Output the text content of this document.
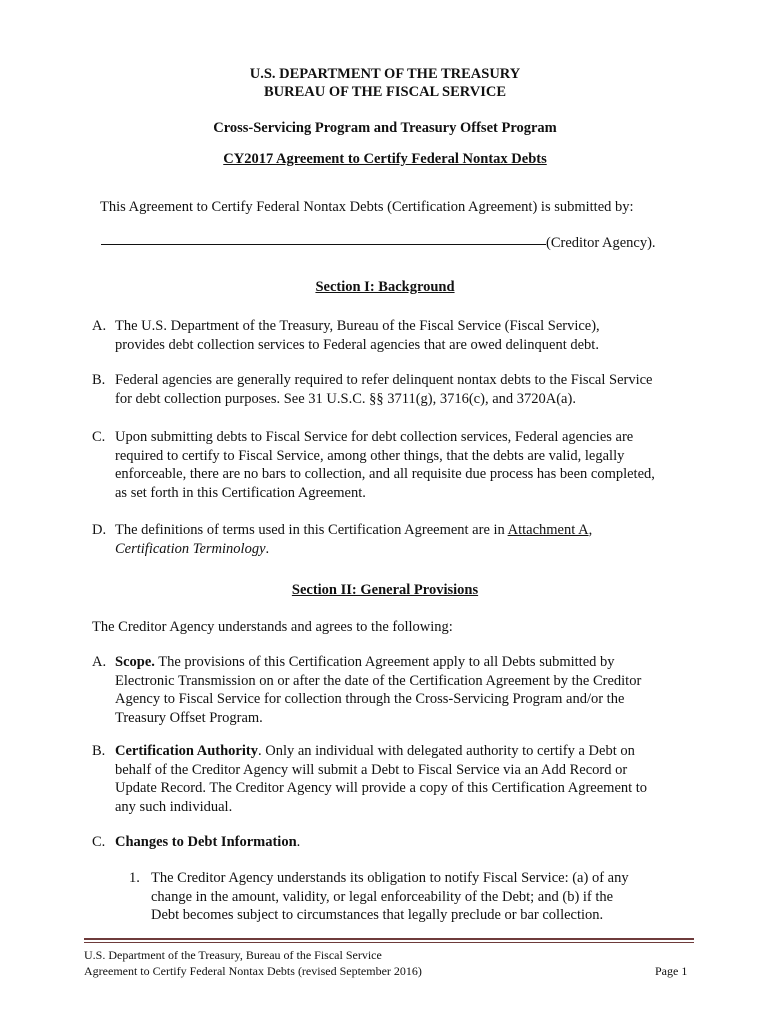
U.S. DEPARTMENT OF THE TREASURY
BUREAU OF THE FISCAL SERVICE
Cross-Servicing Program and Treasury Offset Program
CY2017 Agreement to Certify Federal Nontax Debts
This Agreement to Certify Federal Nontax Debts (Certification Agreement) is submitted by:
(Creditor Agency).
Section I: Background
A. The U.S. Department of the Treasury, Bureau of the Fiscal Service (Fiscal Service),
provides debt collection services to Federal agencies that are owed delinquent debt.
B. Federal agencies are generally required to refer delinquent nontax debts to the Fiscal Service
for debt collection purposes. See 31 U.S.C. §§ 3711(g), 3716(c), and 3720A(a).
C. Upon submitting debts to Fiscal Service for debt collection services, Federal agencies are
required to certify to Fiscal Service, among other things, that the debts are valid, legally
enforceable, there are no bars to collection, and all requisite due process has been completed,
as set forth in this Certification Agreement.
D. The definitions of terms used in this Certification Agreement are in Attachment A,
Certification Terminology.
Section II: General Provisions
The Creditor Agency understands and agrees to the following:
A. Scope. The provisions of this Certification Agreement apply to all Debts submitted by
Electronic Transmission on or after the date of the Certification Agreement by the Creditor
Agency to Fiscal Service for collection through the Cross-Servicing Program and/or the
Treasury Offset Program.
B. Certification Authority. Only an individual with delegated authority to certify a Debt on
behalf of the Creditor Agency will submit a Debt to Fiscal Service via an Add Record or
Update Record. The Creditor Agency will provide a copy of this Certification Agreement to
any such individual.
C. Changes to Debt Information.
1. The Creditor Agency understands its obligation to notify Fiscal Service: (a) of any
change in the amount, validity, or legal enforceability of the Debt; and (b) if the
Debt becomes subject to circumstances that legally preclude or bar collection.
U.S. Department of the Treasury, Bureau of the Fiscal Service
Agreement to Certify Federal Nontax Debts (revised September 2016)	Page 1
